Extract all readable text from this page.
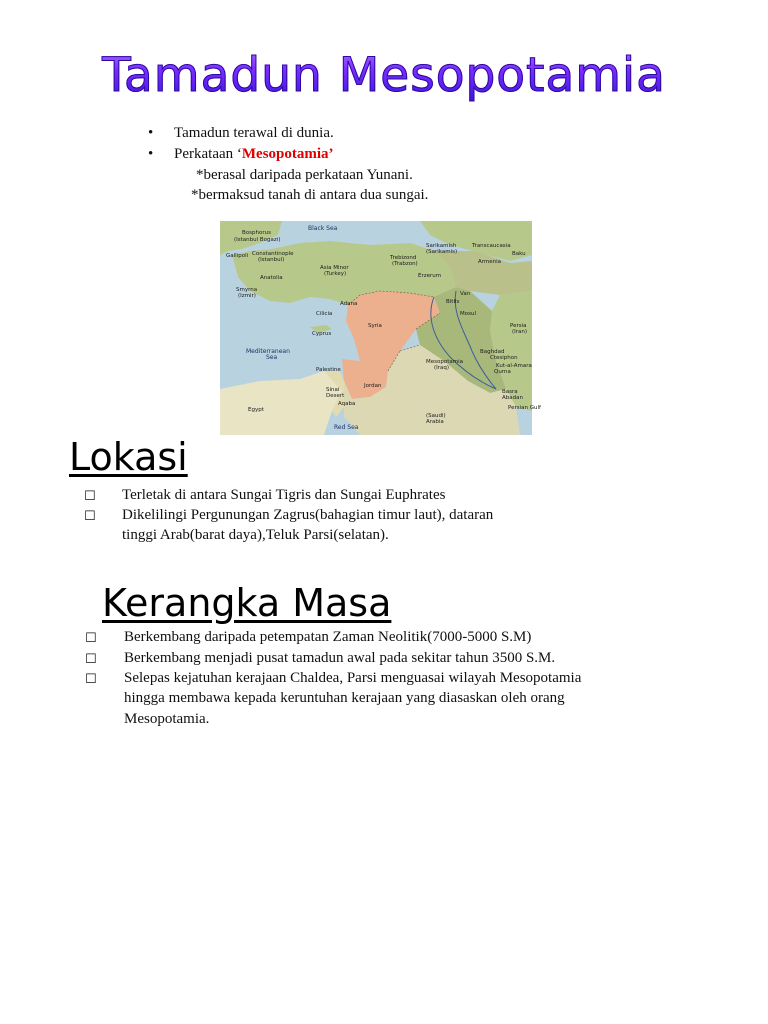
Tamadun Mesopotamia
• Tamadun terawal di dunia.
• Perkataan ‘Mesopotamia’
*berasal daripada perkataan Yunani.
*bermaksud tanah di antara dua sungai.
Black Sea
Bosphorus
(Istanbul Bogazi)
Gallipoli Constantinople
(Istanbul)
Anatolia
Asia Minor
(Turkey)
Smyrna
(Izmir)
Trebizond
(Trabzon)
Sarikamish
(Sarikamis)
Transcaucasia
Erzerum
Armenia
Baku
Adana
Cilicia
Van
Bitlis
Mosul
Mediterranean
Sea
Cyprus
Syria	Persia
(Iran)
Baghdad
Mesopotamia
(Iraq)
Ctesiphon
Kut-al-Amara
Qurna
Basra
Abadan
Persian Gulf
Palestine
Jordan
Sinai
Desert
Egypt
Red Sea
(Saudi)
Arabia
Aqaba
Lokasi
☐ Terletak di antara Sungai Tigris dan Sungai Euphrates
☐ Dikelilingi Pergunungan Zagrus(bahagian timur laut), dataran
tinggi Arab(barat daya),Teluk Parsi(selatan).
Kerangka Masa
☐ Berkembang daripada petempatan Zaman Neolitik(7000-5000 S.M)
☐ Berkembang menjadi pusat tamadun awal pada sekitar tahun 3500 S.M.
☐ Selepas kejatuhan kerajaan Chaldea, Parsi menguasai wilayah Mesopotamia
hingga membawa kepada keruntuhan kerajaan yang diasaskan oleh orang
Mesopotamia.
